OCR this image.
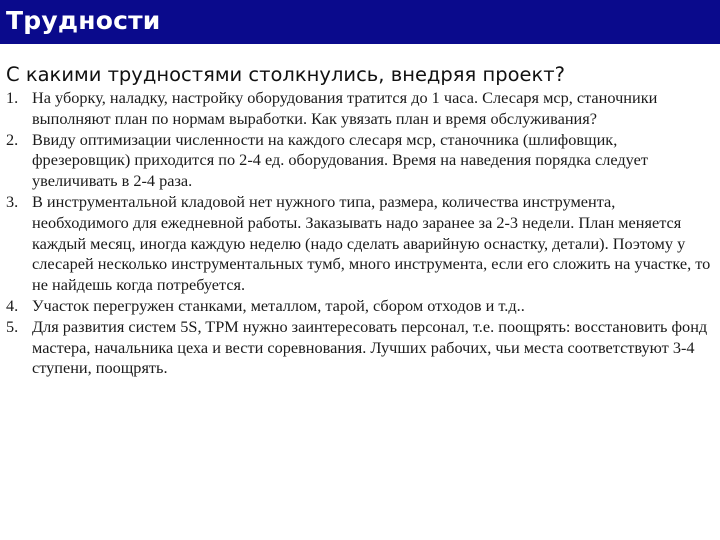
Трудности
С какими трудностями столкнулись, внедряя проект?
1. На уборку, наладку, настройку оборудования тратится до 1 часа. Слесаря мср, станочники выполняют план по нормам выработки. Как увязать план и время обслуживания?
2. Ввиду оптимизации численности на каждого слесаря мср, станочника (шлифовщик, фрезеровщик) приходится по 2-4 ед. оборудования. Время на наведения порядка следует увеличивать в 2-4 раза.
3. В инструментальной кладовой нет нужного типа, размера, количества инструмента, необходимого для ежедневной работы. Заказывать надо заранее за 2-3 недели. План меняется каждый месяц, иногда каждую неделю (надо сделать аварийную оснастку, детали). Поэтому у слесарей несколько инструментальных тумб, много инструмента, если его сложить на участке, то не найдешь когда потребуется.
4. Участок перегружен станками, металлом, тарой, сбором отходов и т.д..
5. Для развития систем 5S, TPM нужно заинтересовать персонал, т.е. поощрять: восстановить фонд мастера, начальника цеха и вести соревнования. Лучших рабочих, чьи места соответствуют 3-4 ступени, поощрять.
